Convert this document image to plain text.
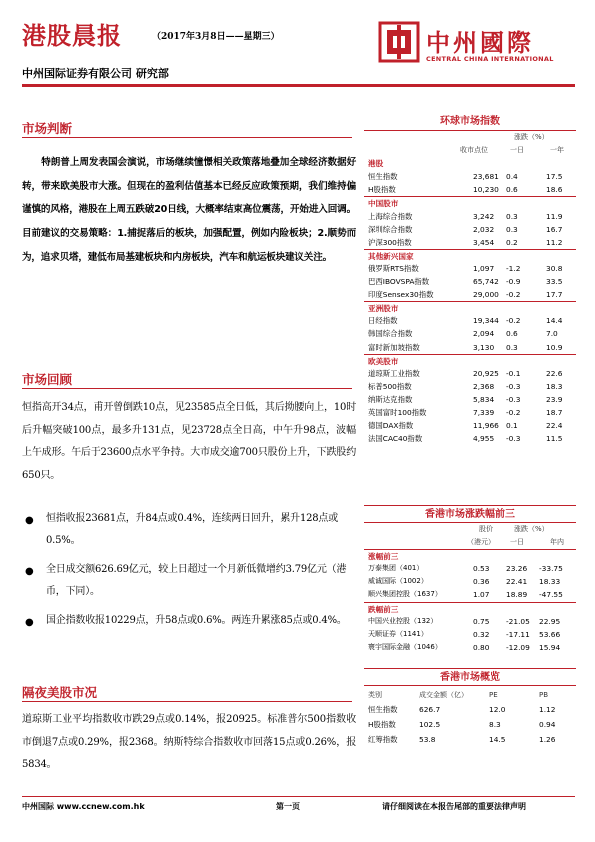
港股晨报	（2017年3月8日——星期三）
中州国际证券有限公司 研究部
中州國際
CENTRAL CHINA INTERNATIONAL
市场判断
特朗普上周发表国会演说，市场继续憧憬相关政策落地叠加全球经济数据好转，带来欧美股市大涨。但现在的盈利估值基本已经反应政策预期，我们维持偏谨慎的风格，港股在上周五跌破20日线，大概率结束高位震荡，开始进入回调。目前建议的交易策略：1.捕捉落后的板块，加强配置，例如内险板块；2.顺势而为，追求贝塔，建低布局基建板块和内房板块，汽车和航运板块建议关注。
市场回顾
恒指高开34点，甫开曾倒跌10点，见23585点全日低，其后拗腰向上，10时后升幅突破100点，最多升131点，见23728点全日高，中午升98点，波幅上午成形。午后于23600点水平争持。大市成交逾700只股份上升，下跌股约650只。
● 恒指收报23681点，升84点或0.4%，连续两日回升，累升128点或0.5%。
● 全日成交额626.69亿元，较上日超过一个月新低微增约3.79亿元（港币，下同）。
● 国企指数收报10229点，升58点或0.6%。两连升累涨85点或0.4%。
隔夜美股市况
道琼斯工业平均指数收市跌29点或0.14%，报20925。标准普尔500指数收市倒退7点或0.29%，报2368。纳斯特综合指数收市回落15点或0.26%，报5834。
环球市场指数
涨跌（%）
收市点位	一日	一年
港股
恒生指数	23,681 0.4	17.5
H股指数	10,230 0.6	18.6
中国股市
上海综合指数	3,242 0.3	11.9
深圳综合指数	2,032 0.3	16.7
沪深300指数	3,454 0.2	11.2
其他新兴国家
俄罗斯RTS指数	1,097 -1.2	30.8
巴西IBOVSPA指数	65,742 -0.9	33.5
印度Sensex30指数	29,000 -0.2	17.7
亚洲股市
日经指数	19,344 -0.2	14.4
韩国综合指数	2,094 0.6	7.0
富时新加坡指数	3,130 0.3	10.9
欧美股市
道琼斯工业指数	20,925 -0.1	22.6
标普500指数	2,368 -0.3	18.3
纳斯达克指数	5,834 -0.3	23.9
英国富时100指数	7,339 -0.2	18.7
德国DAX指数	11,966 0.1	22.4
法国CAC40指数	4,955 -0.3	11.5
香港市场涨跌幅前三
股价	涨跌（%）
（港元） 一日	年内
涨幅前三
万泰集团（401）	0.53 23.26 -33.75
威诚国际（1002）	0.36 22.41 18.33
顺兴集团控股（1637）	1.07 18.89 -47.55
跌幅前三
中国兴业控股（132）	0.75 -21.05 22.95
天顺证券（1141）	0.32 -17.11 53.66
寰宇国际金融（1046）	0.80 -12.09 15.94
香港市场概览
类别	成交金额（亿）	PE	PB
恒生指数	626.7	12.0	1.12
H股指数	102.5	8.3	0.94
红筹指数	53.8	14.5	1.26
中州国际 www.ccnew.com.hk	第一页	请仔细阅读在本报告尾部的重要法律声明
